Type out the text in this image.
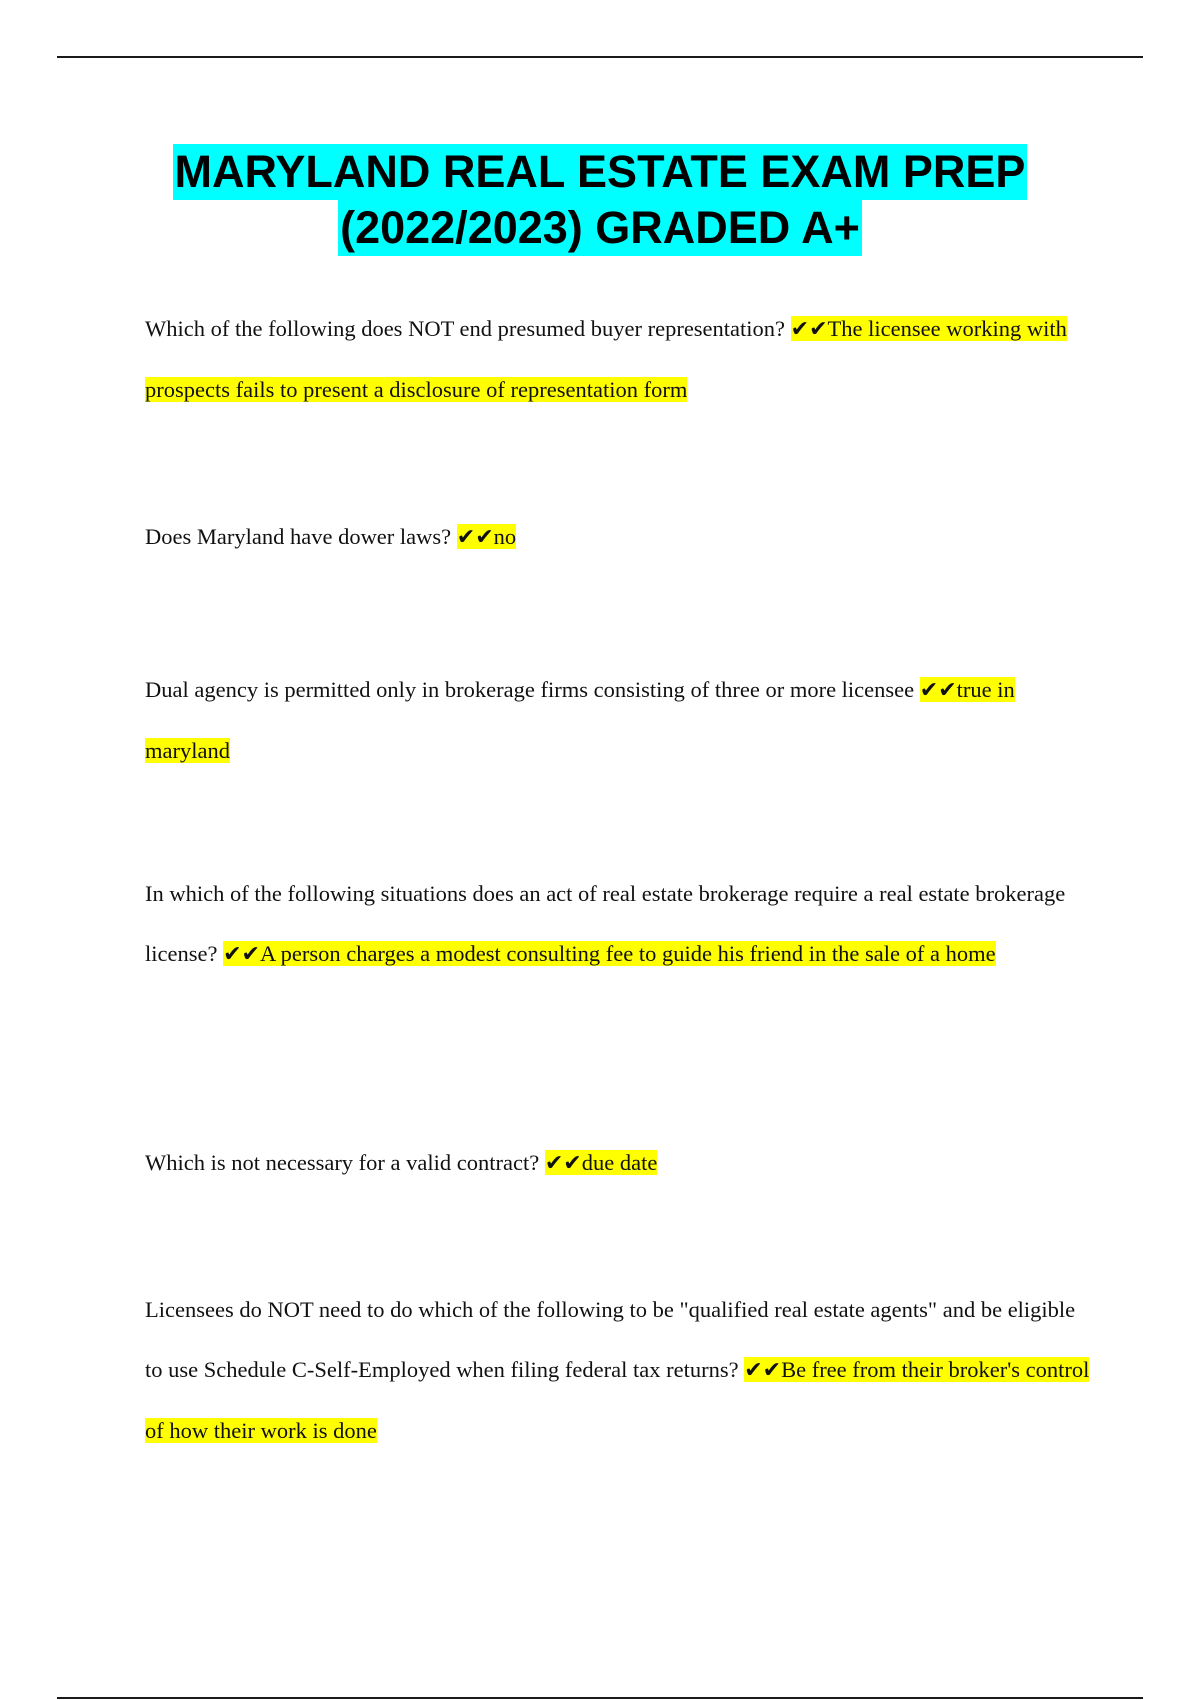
MARYLAND REAL ESTATE EXAM PREP
(2022/2023) GRADED A+

Which of the following does NOT end presumed buyer representation? ✔✔The licensee working with prospects fails to present a disclosure of representation form

Does Maryland have dower laws? ✔✔no

Dual agency is permitted only in brokerage firms consisting of three or more licensee ✔✔true in maryland

In which of the following situations does an act of real estate brokerage require a real estate brokerage license? ✔✔A person charges a modest consulting fee to guide his friend in the sale of a home

Which is not necessary for a valid contract? ✔✔due date

Licensees do NOT need to do which of the following to be "qualified real estate agents" and be eligible to use Schedule C-Self-Employed when filing federal tax returns? ✔✔Be free from their broker's control of how their work is done
